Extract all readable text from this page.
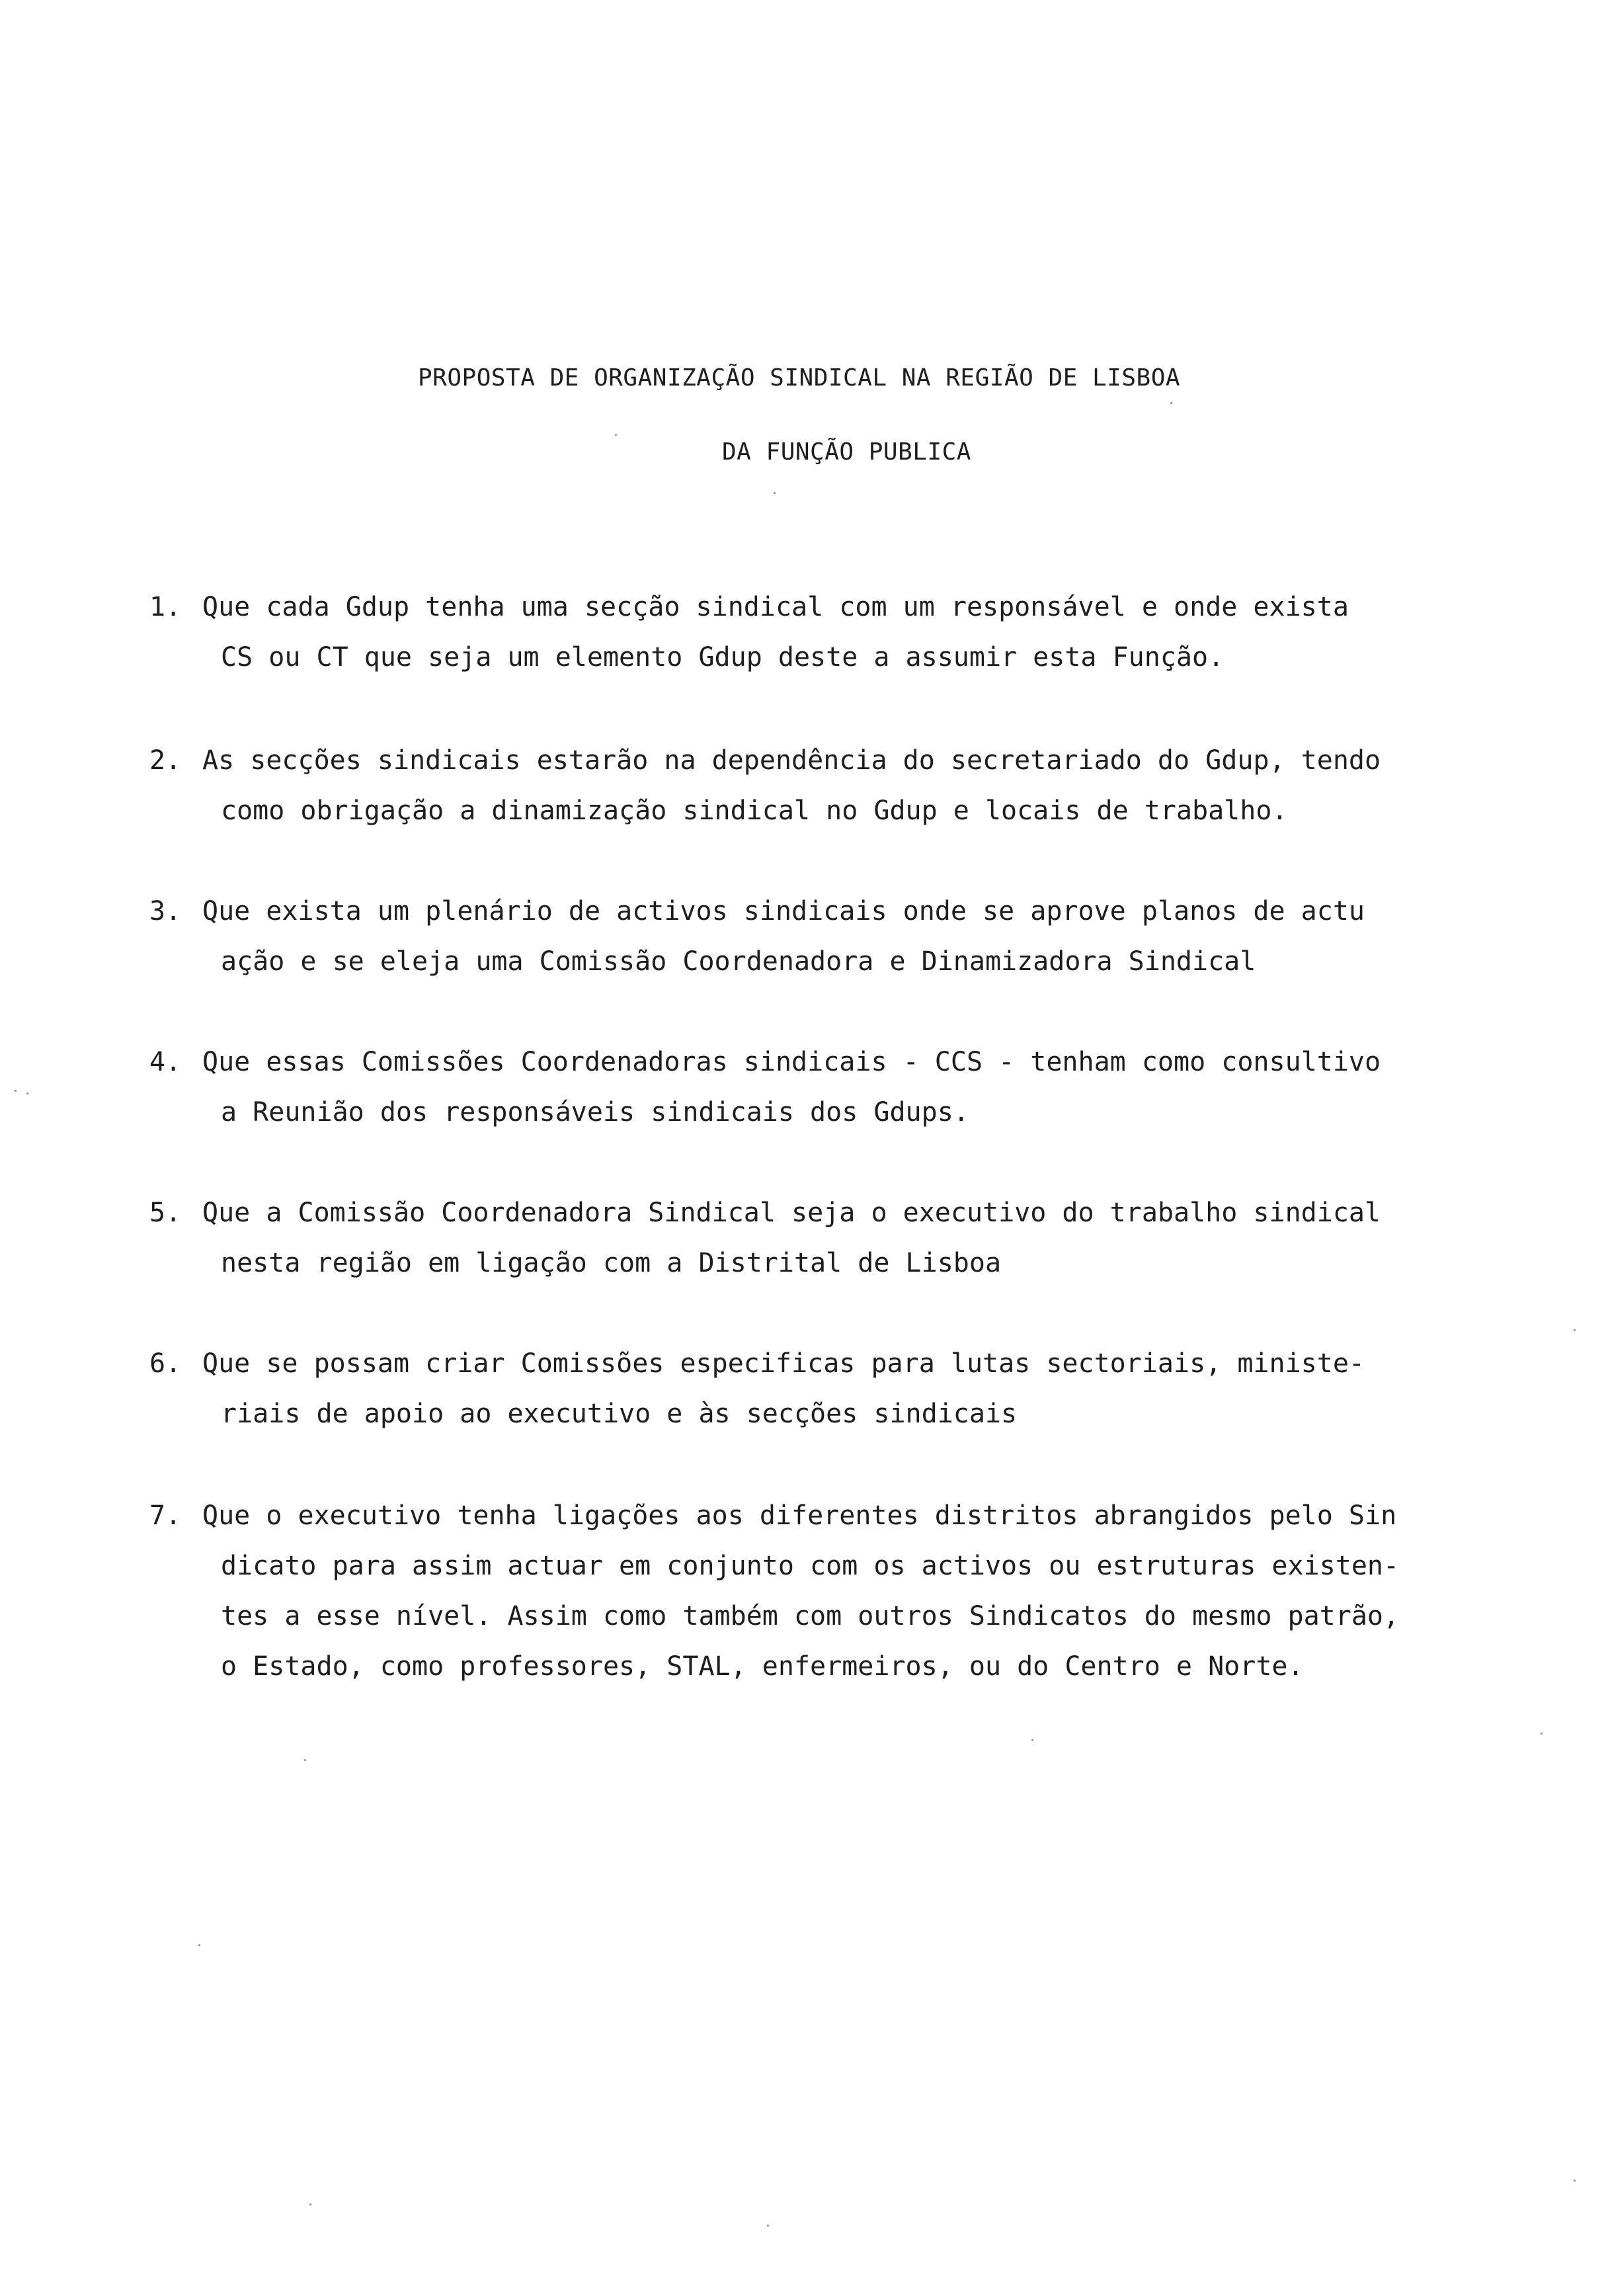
PROPOSTA DE ORGANIZAÇÃO SINDICAL NA REGIÃO DE LISBOA
DA FUNÇÃO PUBLICA
1. Que cada Gdup tenha uma secção sindical com um responsável e onde exista
CS ou CT que seja um elemento Gdup deste a assumir esta Função.
2. As secções sindicais estarão na dependência do secretariado do Gdup, tendo
como obrigação a dinamização sindical no Gdup e locais de trabalho.
3. Que exista um plenário de activos sindicais onde se aprove planos de actu
ação e se eleja uma Comissão Coordenadora e Dinamizadora Sindical
4. Que essas Comissões Coordenadoras sindicais - CCS - tenham como consultivo
a Reunião dos responsáveis sindicais dos Gdups.
5. Que a Comissão Coordenadora Sindical seja o executivo do trabalho sindical
nesta região em ligação com a Distrital de Lisboa
6. Que se possam criar Comissões especificas para lutas sectoriais, ministe-
riais de apoio ao executivo e às secções sindicais
7. Que o executivo tenha ligações aos diferentes distritos abrangidos pelo Sin
dicato para assim actuar em conjunto com os activos ou estruturas existen-
tes a esse nível. Assim como também com outros Sindicatos do mesmo patrão,
o Estado, como professores, STAL, enfermeiros, ou do Centro e Norte.
